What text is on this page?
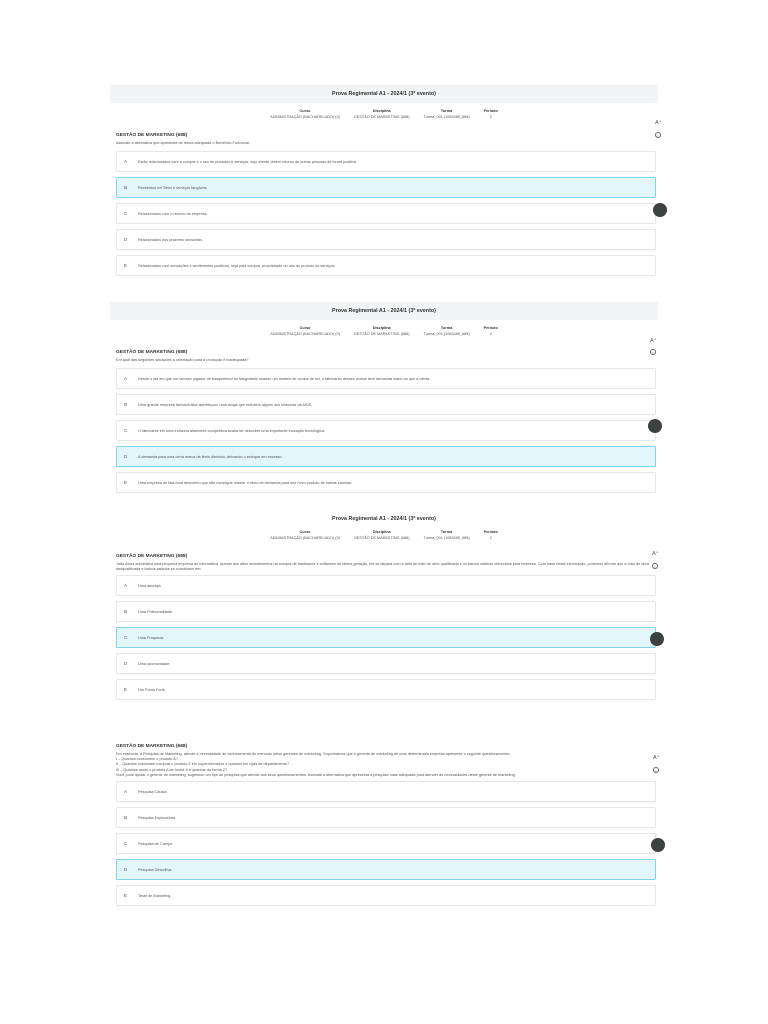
Prova Regimental A1 - 2024/1 (3º evento)
Curso
ADMINISTRAÇÃO (BACHARELADO) (3)
Disciplina
GESTÃO DE MARKETING (688)
Turma
Turma_001 (1083485_688)
Período
2
GESTÃO DE MARKETING (688)
Assinale a alternativa que apresenta de forma adequada o Benefício Funcional.
A	Estão relacionados com a compra e o uso de produtos e serviços, cujo cliente obtém retorno de outras pessoas de forma positiva.
B	Recebidos em Bens e serviços tangíveis.
C	Relacionados com o retorno da empresa.
D	Relacionados aos prazeres sensoriais.
E	Relacionados com sensações e sentimentos positivos, seja pela compra, propriedade ou uso do produto ou serviços.
Prova Regimental A1 - 2024/1 (3º evento)
Curso
ADMINISTRAÇÃO (BACHARELADO) (3)
Disciplina
GESTÃO DE MARKETING (688)
Turma
Turma_001 (1083485_688)
Período
2
GESTÃO DE MARKETING (688)
Em qual das seguintes situações a orientação para a produção é inadequada?
A	Desde o dia em que um famoso jogador de basquetebol foi fotografado usando um modelo de óculos de sol, o fabricante desses óculos teve demanda maior do que a oferta.
B	Uma grande empresa farmacêutica aperfeiçoou uma droga que reduziria alguns dos sintomas da AIDS.
C	O fabricante em uma indústria altamente competitiva acaba de descobrir uma importante inovação tecnológica.
D	A demanda para uma certa marca de tênis diminuiu, deixando o estoque em excesso.
E	Uma empresa de fast-food descobriu que não consegue manter o ritmo de demanda para seu novo produto de baixas calorias.
Prova Regimental A1 - 2024/1 (3º evento)
Curso
ADMINISTRAÇÃO (BACHARELADO) (3)
Disciplina
GESTÃO DE MARKETING (688)
Turma
Turma_001 (1083485_688)
Período
2
GESTÃO DE MARKETING (688)
João Alves administra uma pequena empresa de informática. Apesar dos altos investimentos na compra de hardwares e softwares de última geração, ele se depara com a falta de mão de obra qualificada e os baixos salários oferecidos pela empresa. Com base nesta informação, podemos afirmar que a mão de obra desqualificada e baixos salários se constituem em:
A	Uma ameaça.
B	Uma Potencialidade.
C	Uma Fraqueza.
D	Uma oportunidade.
E	Um Ponto Forte.
GESTÃO DE MARKETING (688)
Em essência, a Pesquisa de Marketing, atende à necessidade de conhecimento do mercado pelos gerentes de marketing. Suponhamos que o gerente de marketing de uma determinada empresa apresente o seguinte questionamento:
I – Quantos consomem o produto A?
II – Quantos costumam comprar o produto Z em supermercados e quantos em lojas de departamento?
III – Quantos usam o produto A de forma X e quantos da forma Z?
Você pode ajudar o gerente de marketing, sugerindo um tipo de pesquisa que atende aos seus questionamentos. Assinale a alternativa que apresenta a pesquisa mais adequada para atender às necessidades deste gerente de marketing.
A	Pesquisa Causal.
B	Pesquisa Exploratória.
C	Pesquisa de Campo.
D	Pesquisa Descritiva.
E	Teste de Marketing.
A⁺
i
A⁺
i
A⁺
i
A⁺
i
